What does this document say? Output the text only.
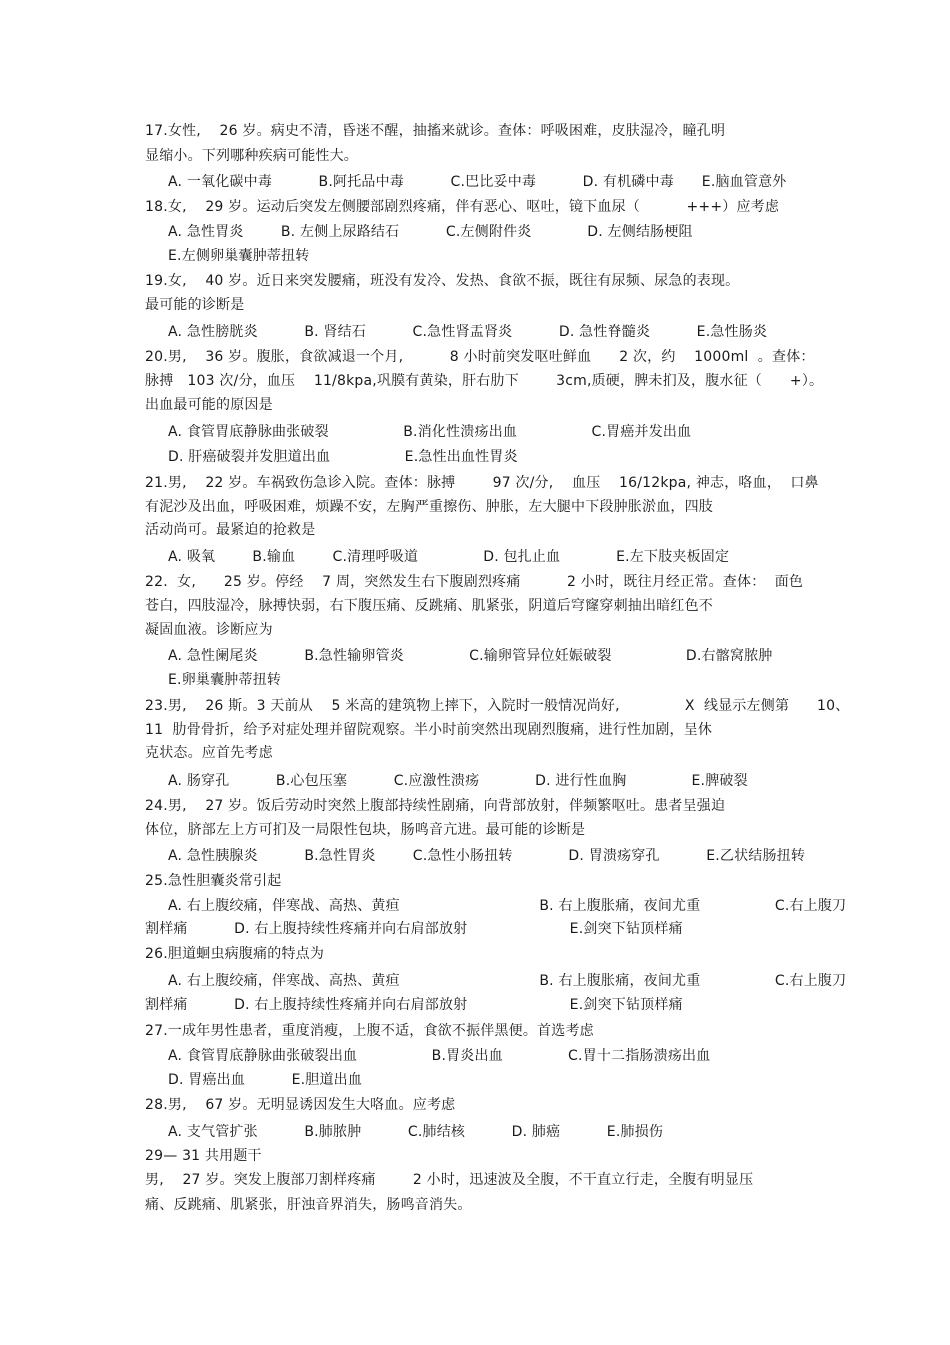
17.女性,    26 岁。病史不清，昏迷不醒，抽搐来就诊。查体：呼吸困难，皮肤湿冷，瞳孔明
显缩小。下列哪种疾病可能性大。
A. 一氧化碳中毒          B.阿托品中毒          C.巴比妥中毒          D. 有机磷中毒      E.脑血管意外
18.女,    29 岁。运动后突发左侧腰部剧烈疼痛，伴有恶心、呕吐，镜下血尿（          +++）应考虑
A. 急性胃炎        B. 左侧上尿路结石          C.左侧附件炎            D. 左侧结肠梗阻
E.左侧卵巢囊肿蒂扭转
19.女,    40 岁。近日来突发腰痛，班没有发冷、发热、食欲不振，既往有尿频、尿急的表现。
最可能的诊断是
A. 急性膀胱炎          B. 肾结石          C.急性肾盂肾炎          D. 急性脊髓炎          E.急性肠炎
20.男,    36 岁。腹胀，食欲减退一个月,          8 小时前突发呕吐鲜血      2 次，约    1000ml  。查体：
脉搏   103 次/分，血压    11/8kpa,巩膜有黄染，肝右肋下        3cm,质硬，脾未扪及，腹水征（      +）。
出血最可能的原因是
A. 食管胃底静脉曲张破裂                B.消化性溃疡出血                C.胃癌并发出血
D. 肝癌破裂并发胆道出血                E.急性出血性胃炎
21.男,    22 岁。车祸致伤急诊入院。查体：脉搏        97 次/分,    血压    16/12kpa, 神志，咯血，  口鼻
有泥沙及出血，呼吸困难，烦躁不安，左胸严重擦伤、肿胀，左大腿中下段肿胀淤血，四肢
活动尚可。最紧迫的抢救是
A. 吸氧        B.输血        C.清理呼吸道              D. 包扎止血            E.左下肢夹板固定
22.  女,      25 岁。停经    7 周，突然发生右下腹剧烈疼痛          2 小时，既往月经正常。查体：  面色
苍白，四肢湿冷，脉搏快弱，右下腹压痛、反跳痛、肌紧张，阴道后穹窿穿刺抽出暗红色不
凝固血液。诊断应为
A. 急性阑尾炎          B.急性输卵管炎              C.输卵管异位妊娠破裂                D.右髂窝脓肿
E.卵巢囊肿蒂扭转
23.男,    26 斯。3 天前从    5 米高的建筑物上摔下，入院时一般情况尚好,              X  线显示左侧第      10、
11  肋骨骨折，给予对症处理并留院观察。半小时前突然出现剧烈腹痛，进行性加剧，呈休
克状态。应首先考虑
A. 肠穿孔          B.心包压塞          C.应激性溃疡            D. 进行性血胸              E.脾破裂
24.男,    27 岁。饭后劳动时突然上腹部持续性剧痛，向背部放射，伴频繁呕吐。患者呈强迫
体位，脐部左上方可扪及一局限性包块，肠鸣音亢进。最可能的诊断是
A. 急性胰腺炎          B.急性胃炎        C.急性小肠扭转            D. 胃溃疡穿孔          E.乙状结肠扭转
25.急性胆囊炎常引起
A. 右上腹绞痛，伴寒战、高热、黄疸                              B. 右上腹胀痛，夜间尤重                C.右上腹刀
割样痛          D. 右上腹持续性疼痛并向右肩部放射                      E.剑突下钻顶样痛
26.胆道蛔虫病腹痛的特点为
A. 右上腹绞痛，伴寒战、高热、黄疸                              B. 右上腹胀痛，夜间尤重                C.右上腹刀
割样痛          D. 右上腹持续性疼痛并向右肩部放射                      E.剑突下钻顶样痛
27.一成年男性患者，重度消瘦，上腹不适，食欲不振伴黑便。首选考虑
A. 食管胃底静脉曲张破裂出血                B.胃炎出血              C.胃十二指肠溃疡出血
D. 胃癌出血          E.胆道出血
28.男,    67 岁。无明显诱因发生大咯血。应考虑
A. 支气管扩张          B.肺脓肿          C.肺结核          D. 肺癌          E.肺损伤
29— 31 共用题干
男,    27 岁。突发上腹部刀割样疼痛        2 小时，迅速波及全腹，不干直立行走，全腹有明显压
痛、反跳痛、肌紧张，肝浊音界消失，肠鸣音消失。
